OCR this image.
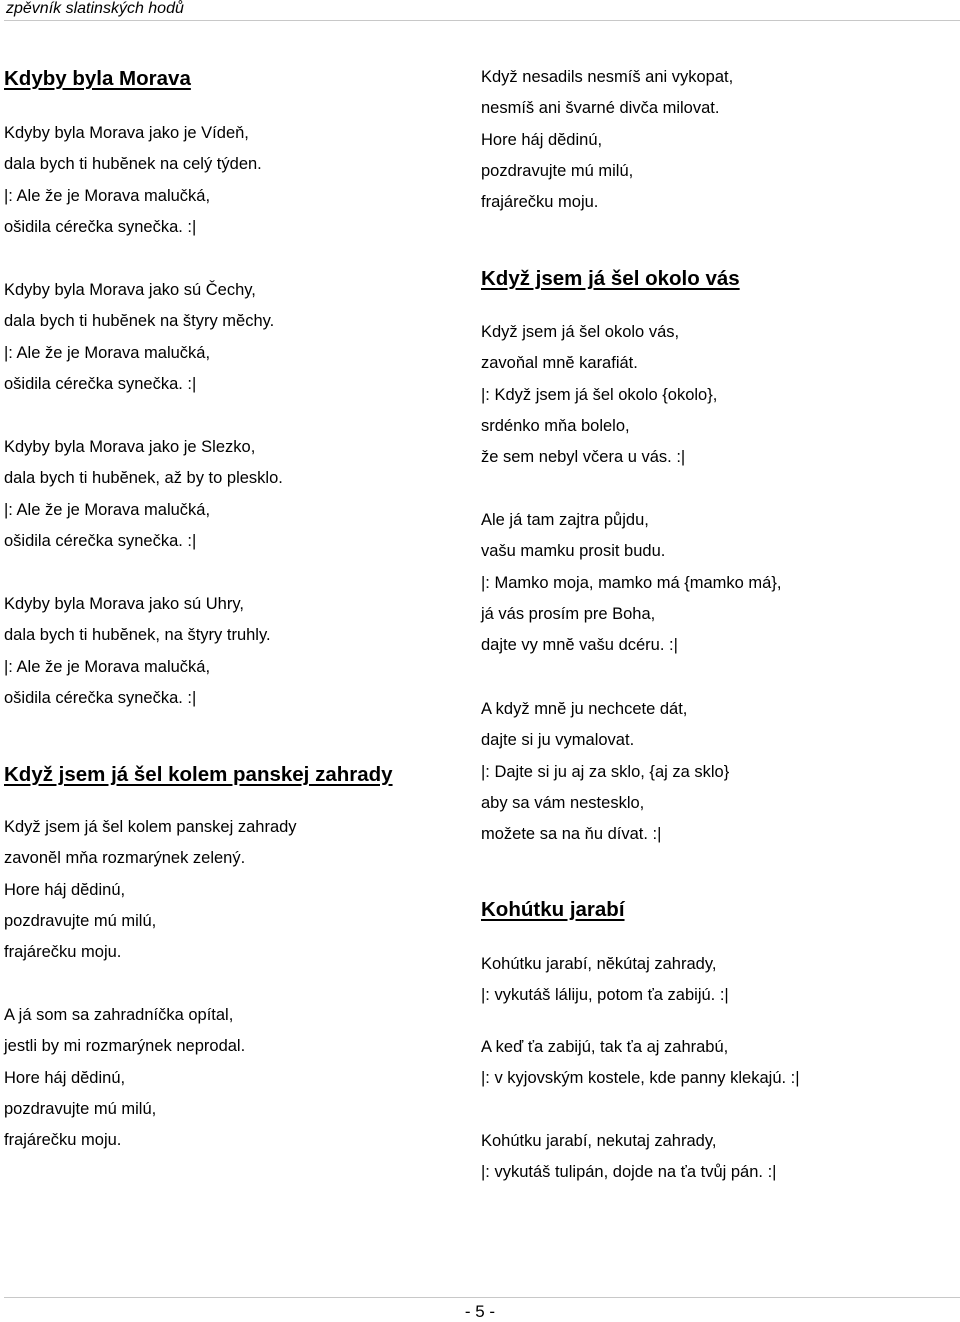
zpěvník slatinských hodů
Kdyby byla Morava
Kdyby byla Morava jako je Vídeň,
dala bych ti hubĕnek na celý týden.
|: Ale že je Morava malučká,
ošidila cérečka synečka. :|
Kdyby byla Morava jako sú Čechy,
dala bych ti hubĕnek na štyry mĕchy.
|: Ale že je Morava malučká,
ošidila cérečka synečka. :|
Kdyby byla Morava jako je Slezko,
dala bych ti hubĕnek, až by to plesklo.
|: Ale že je Morava malučká,
ošidila cérečka synečka. :|
Kdyby byla Morava jako sú Uhry,
dala bych ti hubĕnek, na štyry truhly.
|: Ale že je Morava malučká,
ošidila cérečka synečka. :|
Když jsem já šel kolem panskej zahrady
Když jsem já šel kolem panskej zahrady
zavonĕl mňa rozmarýnek zelený.
Hore háj dĕdinú,
pozdravujte mú milú,
frajárečku moju.
A já som sa zahradníčka opítal,
jestli by mi rozmarýnek neprodal.
Hore háj dĕdinú,
pozdravujte mú milú,
frajárečku moju.
Když nesadils nesmíš ani vykopat,
nesmíš ani švarné divča milovat.
Hore háj dĕdinú,
pozdravujte mú milú,
frajárečku moju.
Když jsem já šel okolo vás
Když jsem já šel okolo vás,
zavoňal mnĕ karafiát.
|: Když jsem já šel okolo {okolo},
srdénko mňa bolelo,
že sem nebyl včera u vás. :|
Ale já tam zajtra půjdu,
vašu mamku prosit budu.
|: Mamko moja, mamko má {mamko má},
já vás prosím pre Boha,
dajte vy mnĕ vašu dcéru. :|
A když mnĕ ju nechcete dát,
dajte si ju vymalovat.
|: Dajte si ju aj za sklo, {aj za sklo}
aby sa vám nestesklo,
možete sa na ňu dívat. :|
Kohútku jarabí
Kohútku jarabí, nĕkútaj zahrady,
|: vykutáš láliju, potom ťa zabijú. :|
A keď ťa zabijú, tak ťa aj zahrabú,
|: v kyjovským kostele, kde panny klekajú. :|
Kohútku jarabí, nekutaj zahrady,
|: vykutáš tulipán, dojde na ťa tvůj pán. :|
- 5 -
